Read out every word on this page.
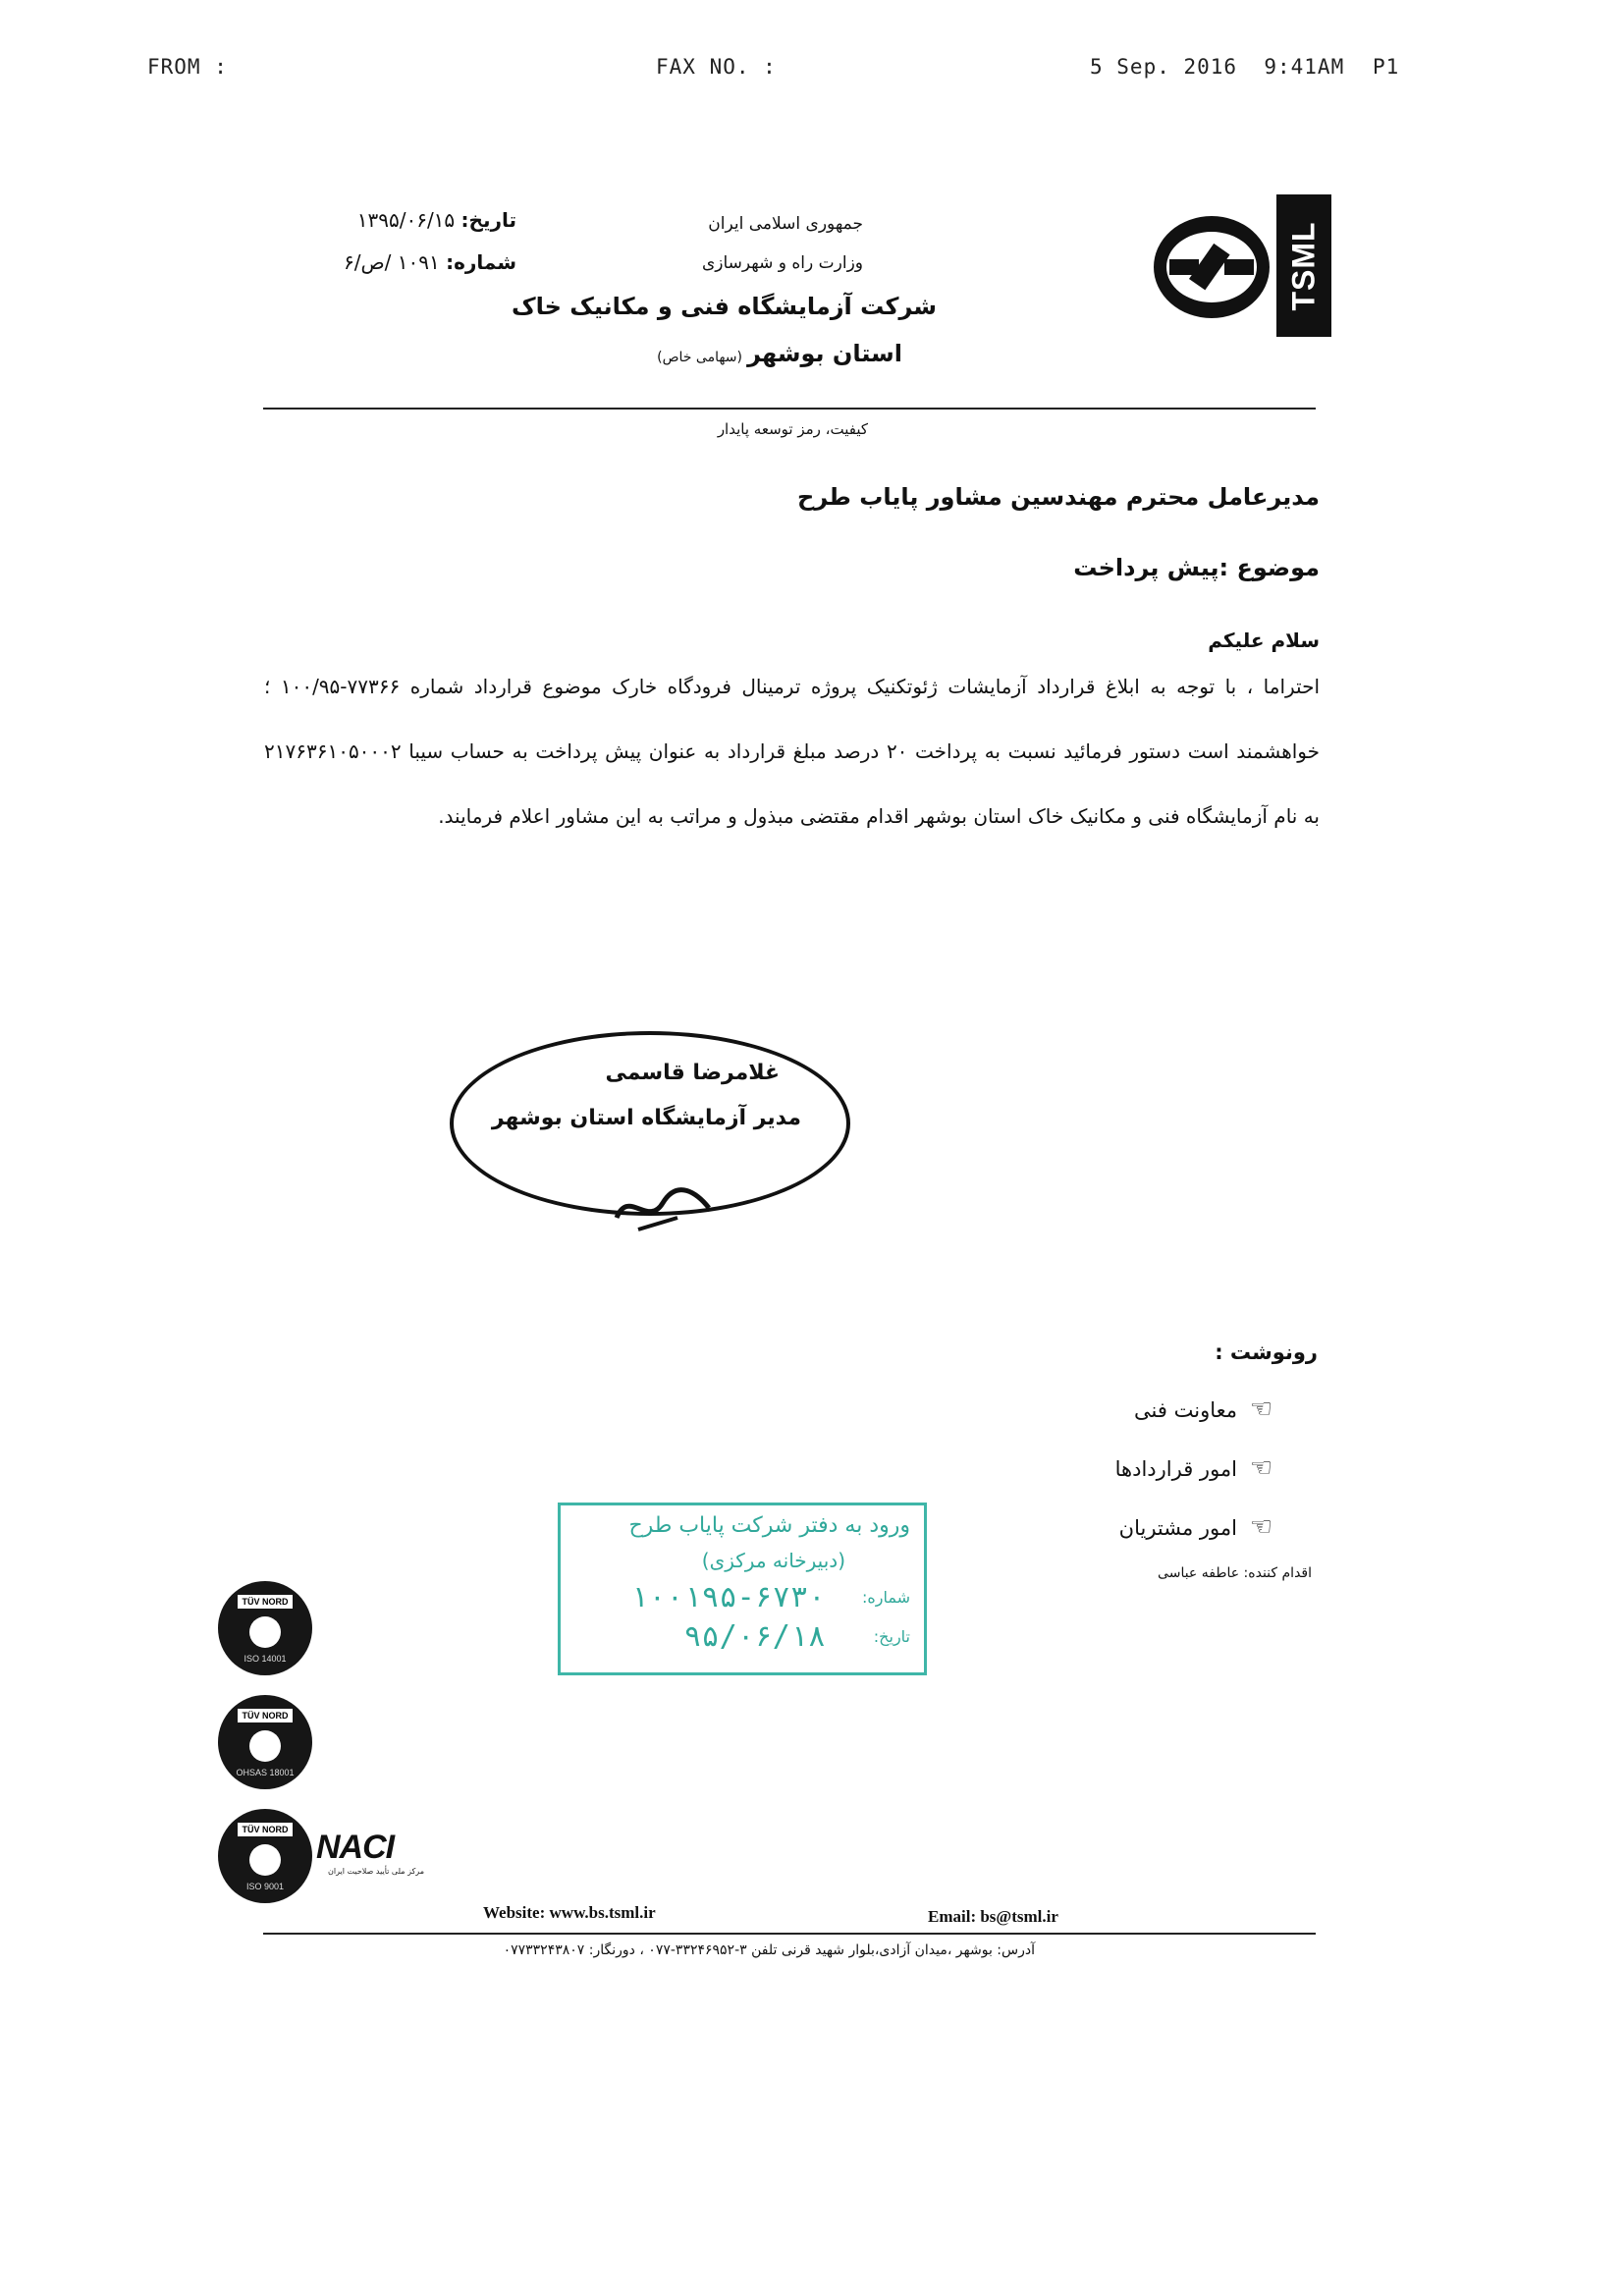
FROM :	FAX NO. :	5 Sep. 2016  9:41AM P1
TSML
جمهوری اسلامی ایران
وزارت راه و شهرسازی
شرکت آزمایشگاه فنی و مکانیک خاک
استان بوشهر (سهامی خاص)
تاریخ: ۱۳۹۵/۰۶/۱۵
شماره: ۱۰۹۱ /ص/۶
کیفیت، رمز توسعه پایدار
مدیرعامل محترم مهندسین مشاور پایاب طرح
موضوع :پیش پرداخت
سلام علیکم
احتراما ، با توجه به ابلاغ قرارداد آزمایشات ژئوتکنیک پروژه ترمینال فرودگاه خارک موضوع قرارداد شماره ۷۷۳۶۶-۱۰۰/۹۵ ؛خواهشمند است دستور فرمائید نسبت به پرداخت ۲۰ درصد مبلغ قرارداد به عنوان پیش پرداخت به حساب سیبا ۲۱۷۶۳۶۱۰۵۰۰۰۲ به نام آزمایشگاه فنی و مکانیک خاک استان بوشهر اقدام مقتضی مبذول و مراتب به این مشاور اعلام فرمایند.
غلامرضا قاسمی
مدیر آزمایشگاه استان بوشهر
رونوشت :
☜ معاونت فنی
☜ امور قراردادها
☜ امور مشتریان
اقدام کننده: عاطفه عباسی
ورود به دفتر شرکت پایاب طرح
(دبیرخانه مرکزی)
شماره:
۱۰۰۱۹۵-۶۷۳۰
تاریخ:
۹۵/۰۶/۱۸
TÜV NORD
ISO 14001
TÜV NORD
OHSAS 18001
TÜV NORD
ISO 9001
NACI
مرکز ملی تأیید صلاحیت ایران
Website: www.bs.tsml.ir	Email: bs@tsml.ir
آدرس: بوشهر ،میدان آزادی،بلوار شهید قرنی تلفن ۳-۳۳۲۴۶۹۵۲-۰۷۷ ، دورنگار: ۰۷۷۳۳۲۴۳۸۰۷
